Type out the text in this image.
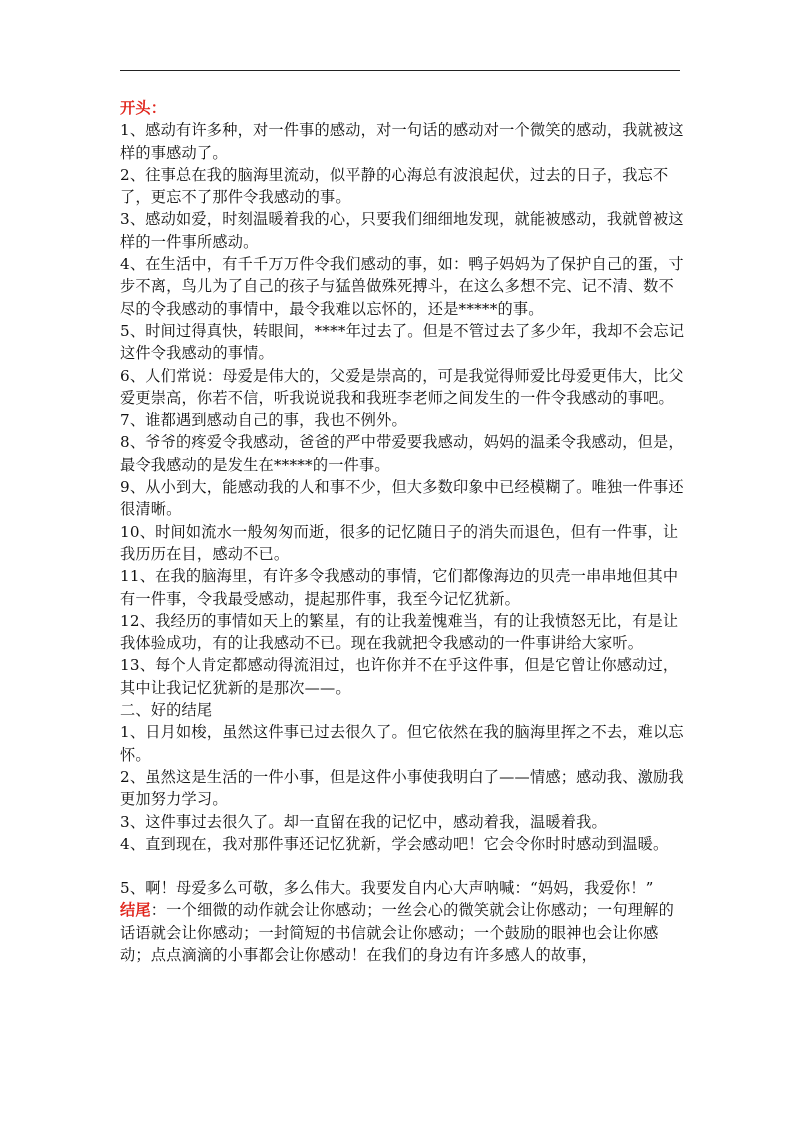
开头：

1、感动有许多种，对一件事的感动，对一句话的感动对一个微笑的感动，我就被这样的事感动了。

2、往事总在我的脑海里流动，似平静的心海总有波浪起伏，过去的日子，我忘不了，更忘不了那件令我感动的事。

3、感动如爱，时刻温暖着我的心，只要我们细细地发现，就能被感动，我就曾被这样的一件事所感动。

4、在生活中，有千千万万件令我们感动的事，如：鸭子妈妈为了保护自己的蛋，寸步不离，鸟儿为了自己的孩子与猛兽做殊死搏斗，在这么多想不完、记不清、数不尽的令我感动的事情中，最令我难以忘怀的，还是*****的事。

5、时间过得真快，转眼间，****年过去了。但是不管过去了多少年，我却不会忘记这件令我感动的事情。

6、人们常说：母爱是伟大的，父爱是崇高的，可是我觉得师爱比母爱更伟大，比父爱更崇高，你若不信，听我说说我和我班李老师之间发生的一件令我感动的事吧。

7、谁都遇到感动自己的事，我也不例外。

8、爷爷的疼爱令我感动，爸爸的严中带爱要我感动，妈妈的温柔令我感动，但是，最令我感动的是发生在*****的一件事。

9、从小到大，能感动我的人和事不少，但大多数印象中已经模糊了。唯独一件事还很清晰。

10、时间如流水一般匆匆而逝，很多的记忆随日子的消失而退色，但有一件事，让我历历在目，感动不已。

11、在我的脑海里，有许多令我感动的事情，它们都像海边的贝壳一串串地但其中有一件事，令我最受感动，提起那件事，我至今记忆犹新。

12、我经历的事情如天上的繁星，有的让我羞愧难当，有的让我愤怒无比，有是让我体验成功，有的让我感动不已。现在我就把令我感动的一件事讲给大家听。

13、每个人肯定都感动得流泪过，也许你并不在乎这件事，但是它曾让你感动过，其中让我记忆犹新的是那次——。

二、好的结尾

1、日月如梭，虽然这件事已过去很久了。但它依然在我的脑海里挥之不去，难以忘怀。

2、虽然这是生活的一件小事，但是这件小事使我明白了——情感；感动我、激励我更加努力学习。

3、这件事过去很久了。却一直留在我的记忆中，感动着我，温暖着我。

4、直到现在，我对那件事还记忆犹新，学会感动吧！它会令你时时感动到温暖。

5、啊！母爱多么可敬，多么伟大。我要发自内心大声呐喊：“妈妈，我爱你！”

结尾：一个细微的动作就会让你感动；一丝会心的微笑就会让你感动；一句理解的话语就会让你感动；一封简短的书信就会让你感动；一个鼓励的眼神也会让你感动；点点滴滴的小事都会让你感动！在我们的身边有许多感人的故事，
